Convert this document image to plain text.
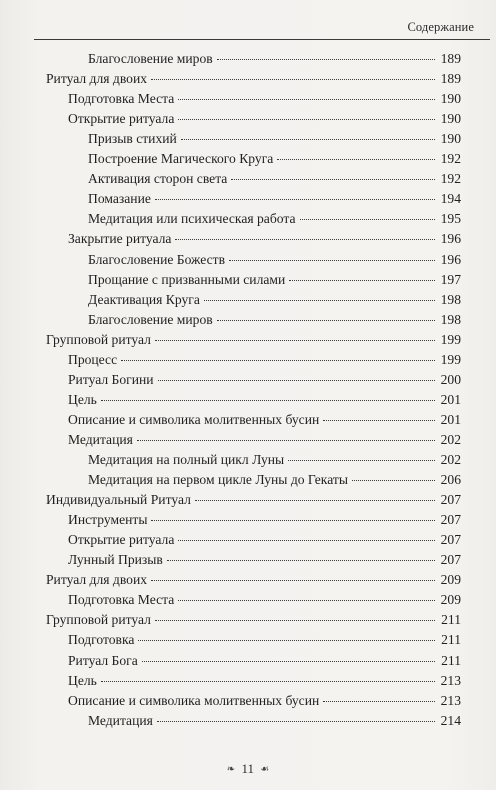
Содержание
Благословение миров	189
Ритуал для двоих	189
Подготовка Места	190
Открытие ритуала	190
Призыв стихий	190
Построение Магического Круга	192
Активация сторон света	192
Помазание	194
Медитация или психическая работа	195
Закрытие ритуала	196
Благословение Божеств	196
Прощание с призванными силами	197
Деактивация Круга	198
Благословение миров	198
Групповой ритуал	199
Процесс	199
Ритуал Богини	200
Цель	201
Описание и символика молитвенных бусин	201
Медитация	202
Медитация на полный цикл Луны	202
Медитация на первом цикле Луны до Гекаты	206
Индивидуальный Ритуал	207
Инструменты	207
Открытие ритуала	207
Лунный Призыв	207
Ритуал для двоих	209
Подготовка Места	209
Групповой ритуал	211
Подготовка	211
Ритуал Бога	211
Цель	213
Описание и символика молитвенных бусин	213
Медитация	214
❧ 11 ☙
